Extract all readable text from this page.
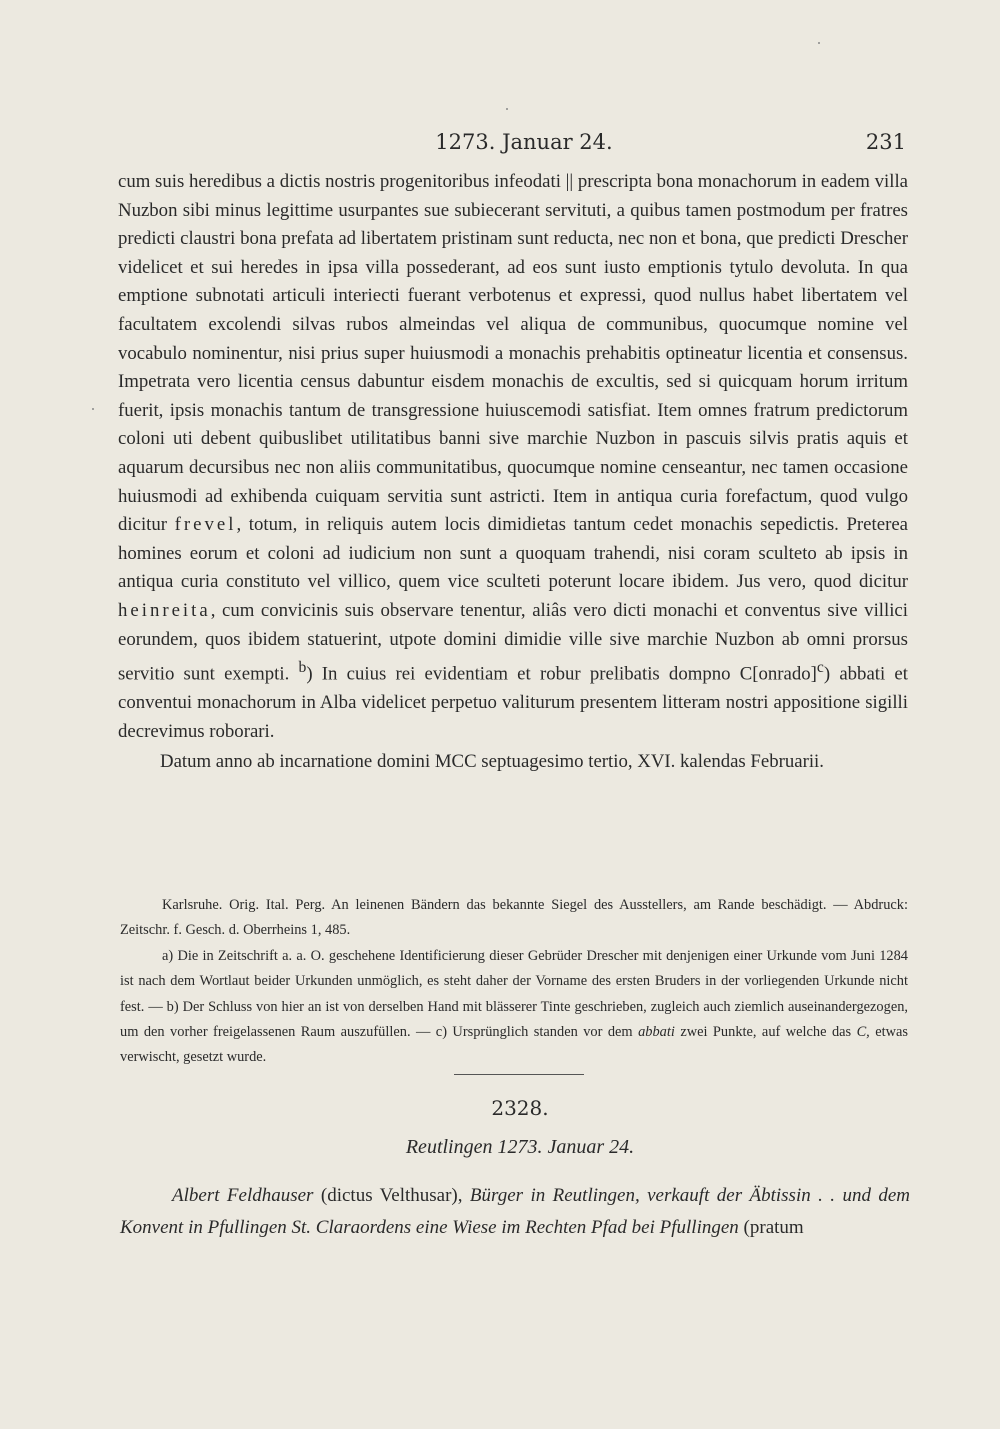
1273. Januar 24.	231

cum suis heredibus a dictis nostris progenitoribus infeodati || prescripta bona monachorum in eadem villa Nuzbon sibi minus legittime usurpantes sue subiecerant servituti, a quibus tamen postmodum per fratres predicti claustri bona prefata ad libertatem pristinam sunt reducta, nec non et bona, que predicti Drescher videlicet et sui heredes in ipsa villa possederant, ad eos sunt iusto emptionis tytulo devoluta. In qua emptione subnotati articuli interiecti fuerant verbotenus et expressi, quod nullus habet libertatem vel facultatem excolendi silvas rubos almeindas vel aliqua de communibus, quocumque nomine vel vocabulo nominentur, nisi prius super huiusmodi a monachis prehabitis optineatur licentia et consensus. Impetrata vero licentia census dabuntur eisdem monachis de excultis, sed si quicquam horum irritum fuerit, ipsis monachis tantum de transgressione huiuscemodi satisfiat. Item omnes fratrum predictorum coloni uti debent quibuslibet utilitatibus banni sive marchie Nuzbon in pascuis silvis pratis aquis et aquarum decursibus nec non aliis communitatibus, quocumque nomine censeantur, nec tamen occasione huiusmodi ad exhibenda cuiquam servitia sunt astricti. Item in antiqua curia forefactum, quod vulgo dicitur frevel, totum, in reliquis autem locis dimidietas tantum cedet monachis sepedictis. Preterea homines eorum et coloni ad iudicium non sunt a quoquam trahendi, nisi coram sculteto ab ipsis in antiqua curia constituto vel villico, quem vice sculteti poterunt locare ibidem. Jus vero, quod dicitur heinreita, cum convicinis suis observare tenentur, aliâs vero dicti monachi et conventus sive villici eorundem, quos ibidem statuerint, utpote domini dimidie ville sive marchie Nuzbon ab omni prorsus servitio sunt exempti. $^b$) In cuius rei evidentiam et robur prelibatis dompno C[onrado]$^c$) abbati et conventui monachorum in Alba videlicet perpetuo valiturum presentem litteram nostri appositione sigilli decrevimus roborari.

Datum anno ab incarnatione domini MCC septuagesimo tertio, XVI. kalendas Februarii.

Karlsruhe. Orig. Ital. Perg. An leinenen Bändern das bekannte Siegel des Ausstellers, am Rande beschädigt. — Abdruck: Zeitschr. f. Gesch. d. Oberrheins 1, 485.

a) Die in Zeitschrift a. a. O. geschehene Identificierung dieser Gebrüder Drescher mit denjenigen einer Urkunde vom Juni 1284 ist nach dem Wortlaut beider Urkunden unmöglich, es steht daher der Vorname des ersten Bruders in der vorliegenden Urkunde nicht fest. — b) Der Schluss von hier an ist von derselben Hand mit blässerer Tinte geschrieben, zugleich auch ziemlich auseinandergezogen, um den vorher freigelassenen Raum auszufüllen. — c) Ursprünglich standen vor dem abbati zwei Punkte, auf welche das C, etwas verwischt, gesetzt wurde.

2328.
Reutlingen 1273. Januar 24.
Albert Feldhauser (dictus Velthusar), Bürger in Reutlingen, verkauft der Äbtissin . . und dem Konvent in Pfullingen St. Claraordens eine Wiese im Rechten Pfad bei Pfullingen (pratum
